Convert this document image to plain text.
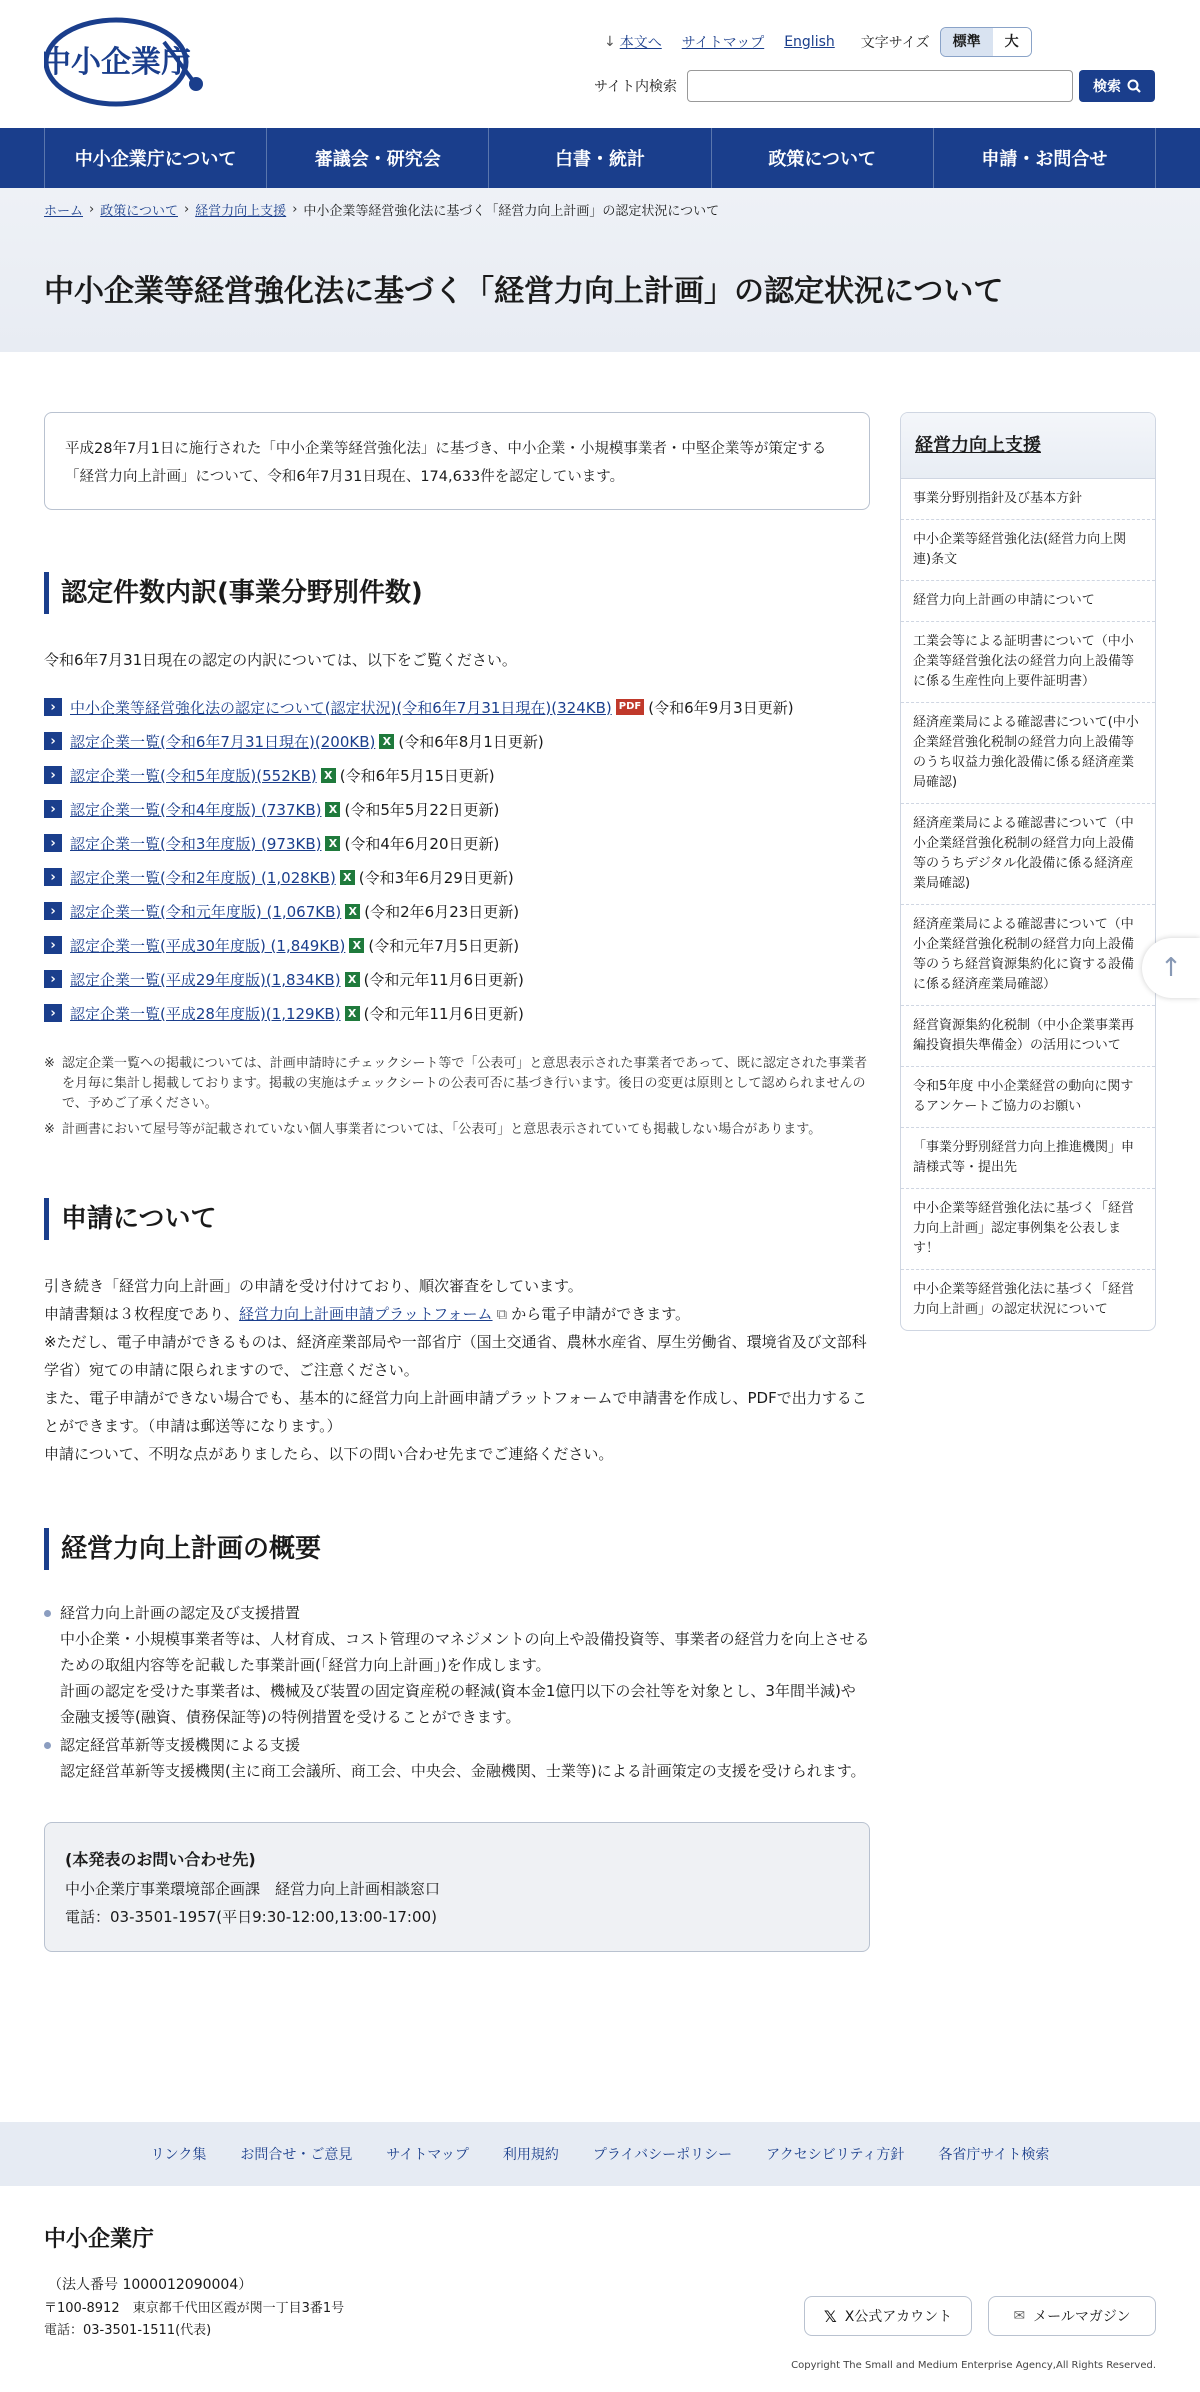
中小企業庁
↓ 本文へ サイトマップ English 文字サイズ	標準	大
サイト内検索	検索
中小企業庁について	審議会・研究会	白書・統計	政策について	申請・お問合せ
ホーム › 政策について › 経営力向上支援 › 中小企業等経営強化法に基づく「経営力向上計画」の認定状況について
中小企業等経営強化法に基づく「経営力向上計画」の認定状況について
平成28年7月1日に施行された「中小企業等経営強化法」に基づき、中小企業・小規模事業者・中堅企業等が策定する「経営力向上計画」について、令和6年7月31日現在、174,633件を認定しています。
認定件数内訳(事業分野別件数)

令和6年7月31日現在の認定の内訳については、以下をご覧ください。

› 中小企業等経営強化法の認定について(認定状況)(令和6年7月31日現在)(324KB) PDF (令和6年9月3日更新)
› 認定企業一覧(令和6年7月31日現在)(200KB) X (令和6年8月1日更新)
› 認定企業一覧(令和5年度版)(552KB) X (令和6年5月15日更新)
› 認定企業一覧(令和4年度版) (737KB) X (令和5年5月22日更新)
› 認定企業一覧(令和3年度版) (973KB) X (令和4年6月20日更新)
› 認定企業一覧(令和2年度版) (1,028KB) X (令和3年6月29日更新)
› 認定企業一覧(令和元年度版) (1,067KB) X (令和2年6月23日更新)
› 認定企業一覧(平成30年度版) (1,849KB) X (令和元年7月5日更新)
› 認定企業一覧(平成29年度版)(1,834KB) X (令和元年11月6日更新)
› 認定企業一覧(平成28年度版)(1,129KB) X (令和元年11月6日更新)
※ 認定企業一覧への掲載については、計画申請時にチェックシート等で「公表可」と意思表示された事業者であって、既に認定された事業者を月毎に集計し掲載しております。掲載の実施はチェックシートの公表可否に基づき行います。後日の変更は原則として認められませんので、予めご了承ください。
※ 計画書において屋号等が記載されていない個人事業者については、「公表可」と意思表示されていても掲載しない場合があります。
申請について

引き続き「経営力向上計画」の申請を受け付けており、順次審査をしています。

申請書類は３枚程度であり、経営力向上計画申請プラットフォーム ⧉ から電子申請ができます。

※ただし、電子申請ができるものは、経済産業部局や一部省庁（国土交通省、農林水産省、厚生労働省、環境省及び文部科学省）宛ての申請に限られますので、ご注意ください。

また、電子申請ができない場合でも、基本的に経営力向上計画申請プラットフォームで申請書を作成し、PDFで出力することができます。（申請は郵送等になります。）

申請について、不明な点がありましたら、以下の問い合わせ先までご連絡ください。

経営力向上計画の概要
経営力向上計画の認定及び支援措置
中小企業・小規模事業者等は、人材育成、コスト管理のマネジメントの向上や設備投資等、事業者の経営力を向上させるための取組内容等を記載した事業計画(「経営力向上計画」)を作成します。
計画の認定を受けた事業者は、機械及び装置の固定資産税の軽減(資本金1億円以下の会社等を対象とし、3年間半減)や金融支援等(融資、債務保証等)の特例措置を受けることができます。
認定経営革新等支援機関による支援
認定経営革新等支援機関(主に商工会議所、商工会、中央会、金融機関、士業等)による計画策定の支援を受けられます。
(本発表のお問い合わせ先)
中小企業庁事業環境部企画課　経営力向上計画相談窓口
電話：03-3501-1957(平日9:30-12:00,13:00-17:00)
経営力向上支援
事業分野別指針及び基本方針
中小企業等経営強化法(経営力向上関連)条文
経営力向上計画の申請について
工業会等による証明書について（中小企業等経営強化法の経営力向上設備等に係る生産性向上要件証明書）
経済産業局による確認書について(中小企業経営強化税制の経営力向上設備等のうち収益力強化設備に係る経済産業局確認)
経済産業局による確認書について（中小企業経営強化税制の経営力向上設備等のうちデジタル化設備に係る経済産業局確認)
経済産業局による確認書について（中小企業経営強化税制の経営力向上設備等のうち経営資源集約化に資する設備に係る経済産業局確認）
経営資源集約化税制（中小企業事業再編投資損失準備金）の活用について
令和5年度 中小企業経営の動向に関するアンケートご協力のお願い
「事業分野別経営力向上推進機関」申請様式等・提出先
中小企業等経営強化法に基づく「経営力向上計画」認定事例集を公表します！
中小企業等経営強化法に基づく「経営力向上計画」の認定状況について
↑
リンク集 お問合せ・ご意見 サイトマップ 利用規約 プライバシーポリシー アクセシビリティ方針 各省庁サイト検索
中小企業庁
（法人番号 1000012090004）
〒100-8912　東京都千代田区霞が関一丁目3番1号
電話：03-3501-1511(代表)
𝕏 X公式アカウント	✉ メールマガジン
Copyright The Small and Medium Enterprise Agency,All Rights Reserved.
